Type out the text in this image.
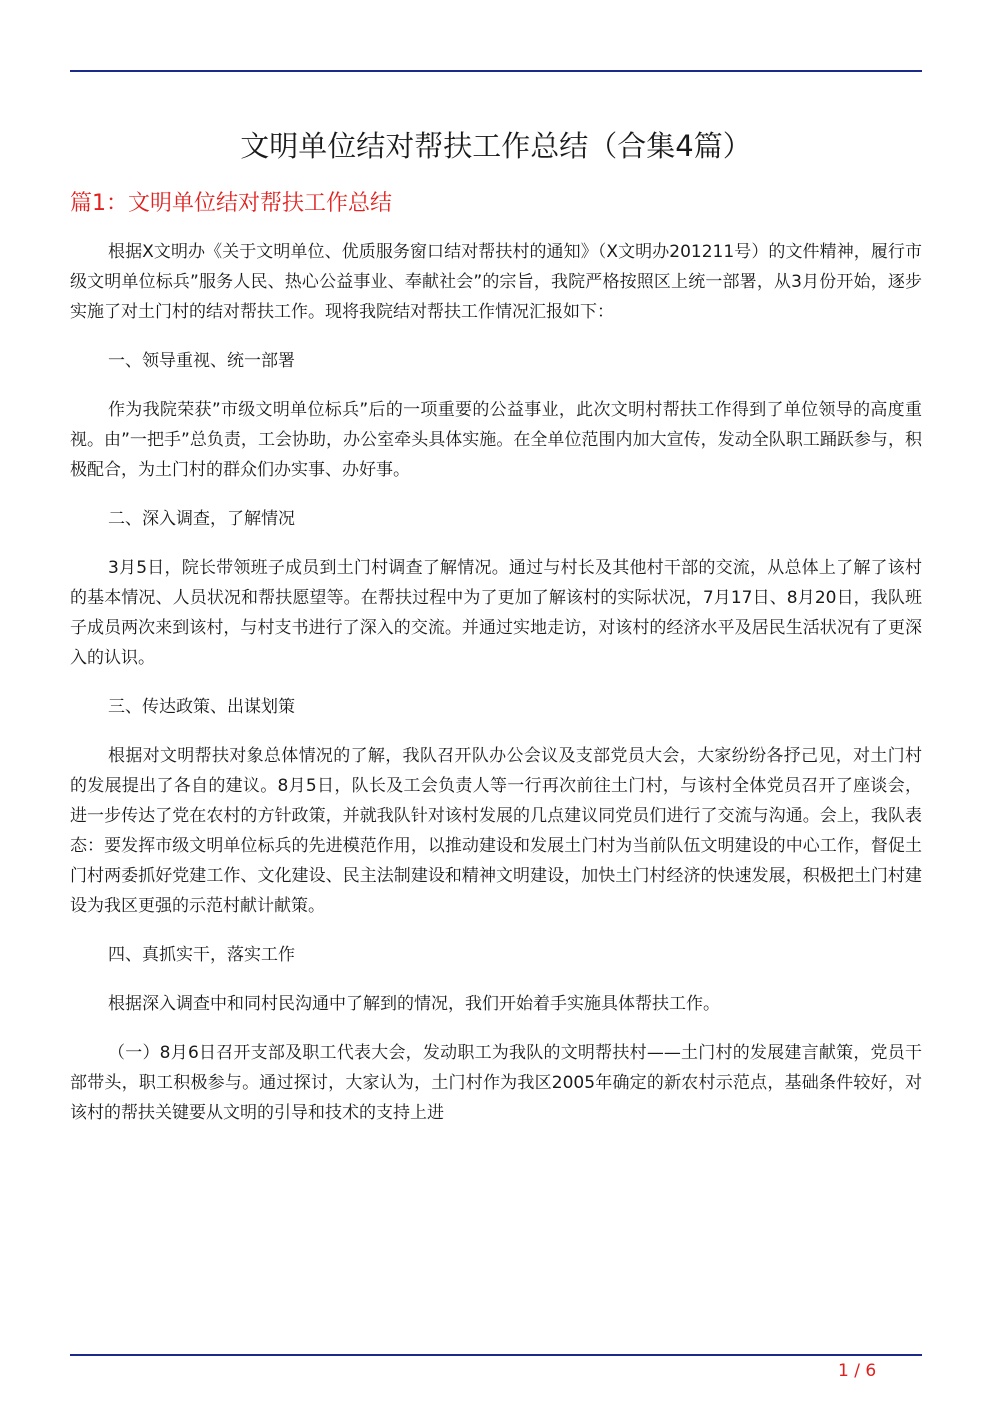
文明单位结对帮扶工作总结（合集4篇）
篇1：文明单位结对帮扶工作总结

根据X文明办《关于文明单位、优质服务窗口结对帮扶村的通知》（X文明办201211号）的文件精神，履行市级文明单位标兵”服务人民、热心公益事业、奉献社会”的宗旨，我院严格按照区上统一部署，从3月份开始，逐步实施了对土门村的结对帮扶工作。现将我院结对帮扶工作情况汇报如下：

一、领导重视、统一部署

作为我院荣获”市级文明单位标兵”后的一项重要的公益事业，此次文明村帮扶工作得到了单位领导的高度重视。由”一把手”总负责，工会协助，办公室牵头具体实施。在全单位范围内加大宣传，发动全队职工踊跃参与，积极配合，为土门村的群众们办实事、办好事。

二、深入调查，了解情况

3月5日，院长带领班子成员到土门村调查了解情况。通过与村长及其他村干部的交流，从总体上了解了该村的基本情况、人员状况和帮扶愿望等。在帮扶过程中为了更加了解该村的实际状况，7月17日、8月20日，我队班子成员两次来到该村，与村支书进行了深入的交流。并通过实地走访，对该村的经济水平及居民生活状况有了更深入的认识。

三、传达政策、出谋划策

根据对文明帮扶对象总体情况的了解，我队召开队办公会议及支部党员大会，大家纷纷各抒己见，对土门村的发展提出了各自的建议。8月5日，队长及工会负责人等一行再次前往土门村，与该村全体党员召开了座谈会，进一步传达了党在农村的方针政策，并就我队针对该村发展的几点建议同党员们进行了交流与沟通。会上，我队表态：要发挥市级文明单位标兵的先进模范作用，以推动建设和发展土门村为当前队伍文明建设的中心工作，督促土门村两委抓好党建工作、文化建设、民主法制建设和精神文明建设，加快土门村经济的快速发展，积极把土门村建设为我区更强的示范村献计献策。

四、真抓实干，落实工作

根据深入调查中和同村民沟通中了解到的情况，我们开始着手实施具体帮扶工作。

（一）8月6日召开支部及职工代表大会，发动职工为我队的文明帮扶村——土门村的发展建言献策，党员干部带头，职工积极参与。通过探讨，大家认为，土门村作为我区2005年确定的新农村示范点，基础条件较好，对该村的帮扶关键要从文明的引导和技术的支持上进

1 / 6
